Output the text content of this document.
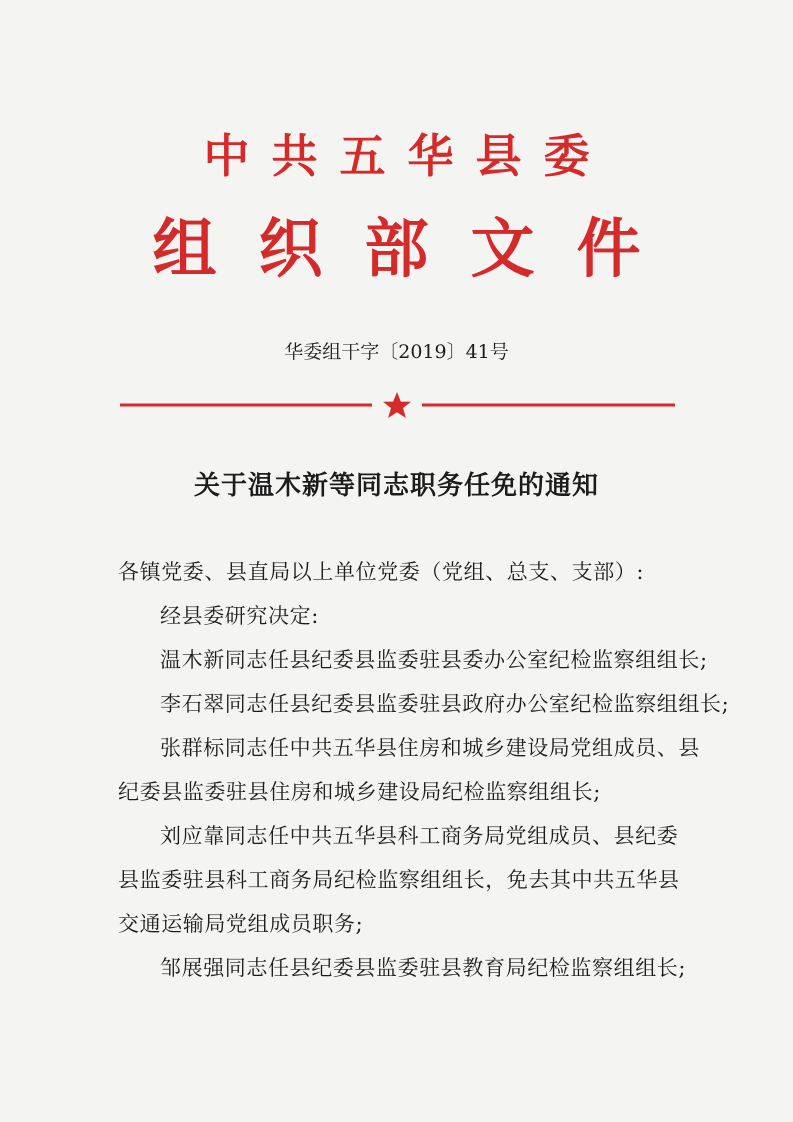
中共五华县委
组织部文件
华委组干字〔2019〕41号
关于温木新等同志职务任免的通知
各镇党委、县直局以上单位党委（党组、总支、支部）:
经县委研究决定:
温木新同志任县纪委县监委驻县委办公室纪检监察组组长;
李石翠同志任县纪委县监委驻县政府办公室纪检监察组组长;
张群标同志任中共五华县住房和城乡建设局党组成员、县
纪委县监委驻县住房和城乡建设局纪检监察组组长;
刘应靠同志任中共五华县科工商务局党组成员、县纪委
县监委驻县科工商务局纪检监察组组长，免去其中共五华县
交通运输局党组成员职务;
邹展强同志任县纪委县监委驻县教育局纪检监察组组长;
